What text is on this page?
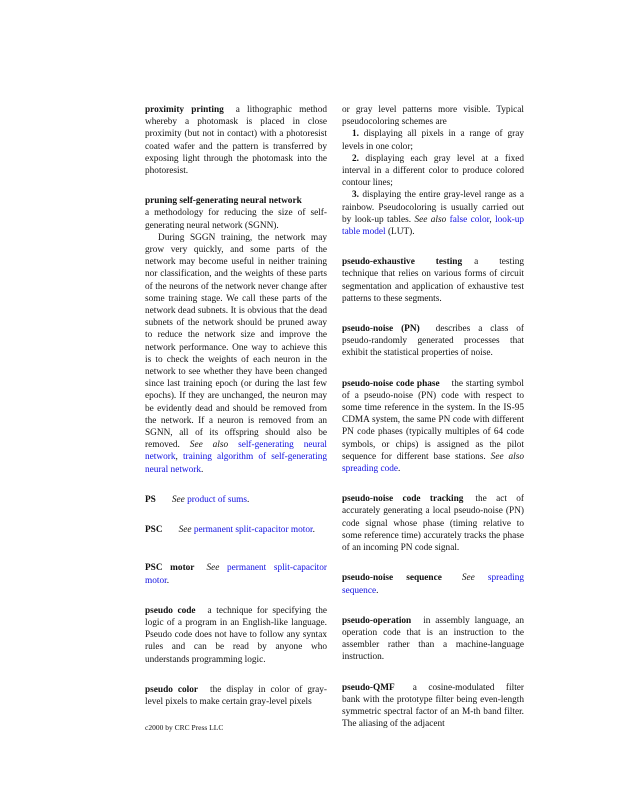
proximity printing a lithographic method whereby a photomask is placed in close proximity (but not in contact) with a photoresist coated wafer and the pattern is transferred by exposing light through the photomask into the photoresist.

pruning self-generating neural network

a methodology for reducing the size of self-generating neural network (SGNN).

During SGGN training, the network may grow very quickly, and some parts of the network may become useful in neither training nor classification, and the weights of these parts of the neurons of the network never change after some training stage. We call these parts of the network dead subnets. It is obvious that the dead subnets of the network should be pruned away to reduce the network size and improve the network performance. One way to achieve this is to check the weights of each neuron in the network to see whether they have been changed since last training epoch (or during the last few epochs). If they are unchanged, the neuron may be evidently dead and should be removed from the network. If a neuron is removed from an SGNN, all of its offspring should also be removed. See also self-generating neural network, training algorithm of self-generating neural network.

PS See product of sums.

PSC See permanent split-capacitor motor.

PSC motor See permanent split-capacitor motor.

pseudo code a technique for specifying the logic of a program in an English-like language. Pseudo code does not have to follow any syntax rules and can be read by anyone who understands programming logic.

pseudo color the display in color of gray-level pixels to make certain gray-level pixels

or gray level patterns more visible. Typical pseudocoloring schemes are

1. displaying all pixels in a range of gray levels in one color;

2. displaying each gray level at a fixed interval in a different color to produce colored contour lines;

3. displaying the entire gray-level range as a rainbow. Pseudocoloring is usually carried out by look-up tables. See also false color, look-up table model (LUT).

pseudo-exhaustive testing a testing technique that relies on various forms of circuit segmentation and application of exhaustive test patterns to these segments.

pseudo-noise (PN) describes a class of pseudo-randomly generated processes that exhibit the statistical properties of noise.

pseudo-noise code phase the starting symbol of a pseudo-noise (PN) code with respect to some time reference in the system. In the IS-95 CDMA system, the same PN code with different PN code phases (typically multiples of 64 code symbols, or chips) is assigned as the pilot sequence for different base stations. See also spreading code.

pseudo-noise code tracking the act of accurately generating a local pseudo-noise (PN) code signal whose phase (timing relative to some reference time) accurately tracks the phase of an incoming PN code signal.

pseudo-noise sequence See spreading sequence.

pseudo-operation in assembly language, an operation code that is an instruction to the assembler rather than a machine-language instruction.

pseudo-QMF a cosine-modulated filter bank with the prototype filter being even-length symmetric spectral factor of an M-th band filter. The aliasing of the adjacent

c2000 by CRC Press LLC
